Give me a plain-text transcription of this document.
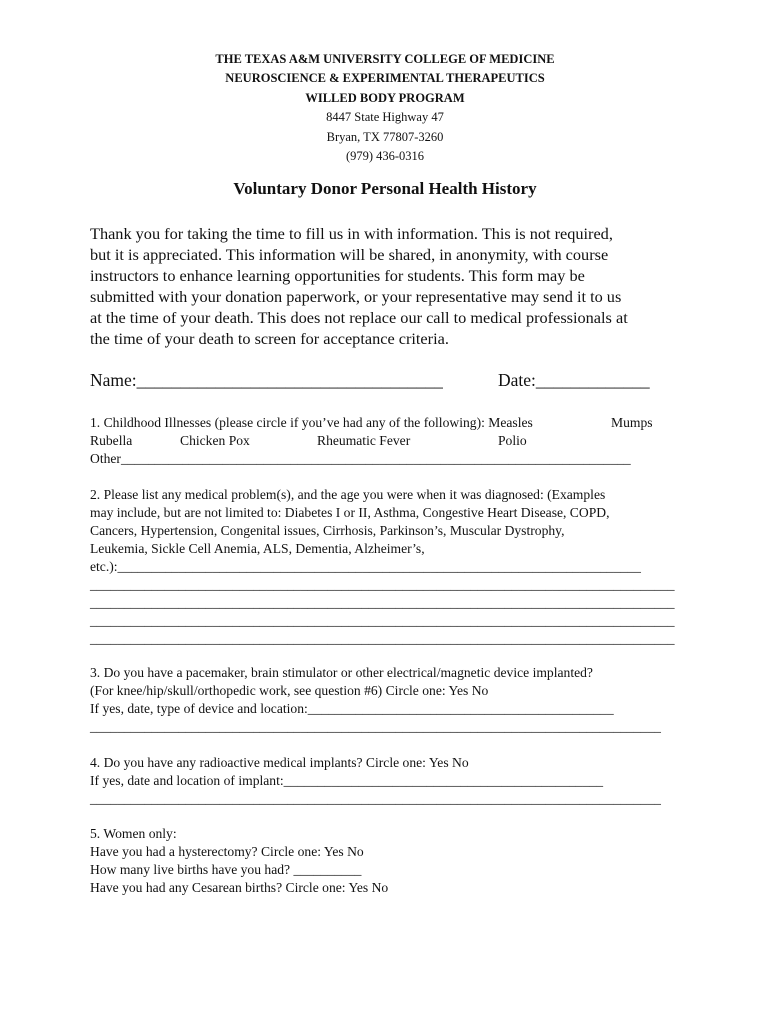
THE TEXAS A&M UNIVERSITY COLLEGE OF MEDICINE
NEUROSCIENCE & EXPERIMENTAL THERAPEUTICS
WILLED BODY PROGRAM
8447 State Highway 47
Bryan, TX 77807-3260
(979) 436-0316
Voluntary Donor Personal Health History
Thank you for taking the time to fill us in with information. This is not required,
but it is appreciated. This information will be shared, in anonymity, with course
instructors to enhance learning opportunities for students. This form may be
submitted with your donation paperwork, or your representative may send it to us
at the time of your death. This does not replace our call to medical professionals at
the time of your death to screen for acceptance criteria.
Name:___________________________________	Date:_____________
1. Childhood Illnesses (please circle if you’ve had any of the following): Measles	Mumps
Rubella	Chicken Pox	Rheumatic Fever	Polio
Other___________________________________________________________________________
2. Please list any medical problem(s), and the age you were when it was diagnosed: (Examples
may include, but are not limited to: Diabetes I or II, Asthma, Congestive Heart Disease, COPD,
Cancers, Hypertension, Congenital issues, Cirrhosis, Parkinson’s, Muscular Dystrophy,
Leukemia, Sickle Cell Anemia, ALS, Dementia, Alzheimer’s,
etc.):_____________________________________________________________________________
______________________________________________________________________________________
______________________________________________________________________________________
______________________________________________________________________________________
______________________________________________________________________________________
3. Do you have a pacemaker, brain stimulator or other electrical/magnetic device implanted?
(For knee/hip/skull/orthopedic work, see question #6) Circle one: Yes No
If yes, date, type of device and location:_____________________________________________
____________________________________________________________________________________
4. Do you have any radioactive medical implants? Circle one: Yes No
If yes, date and location of implant:_______________________________________________
____________________________________________________________________________________
5. Women only:
Have you had a hysterectomy? Circle one: Yes No
How many live births have you had? __________
Have you had any Cesarean births? Circle one: Yes No
